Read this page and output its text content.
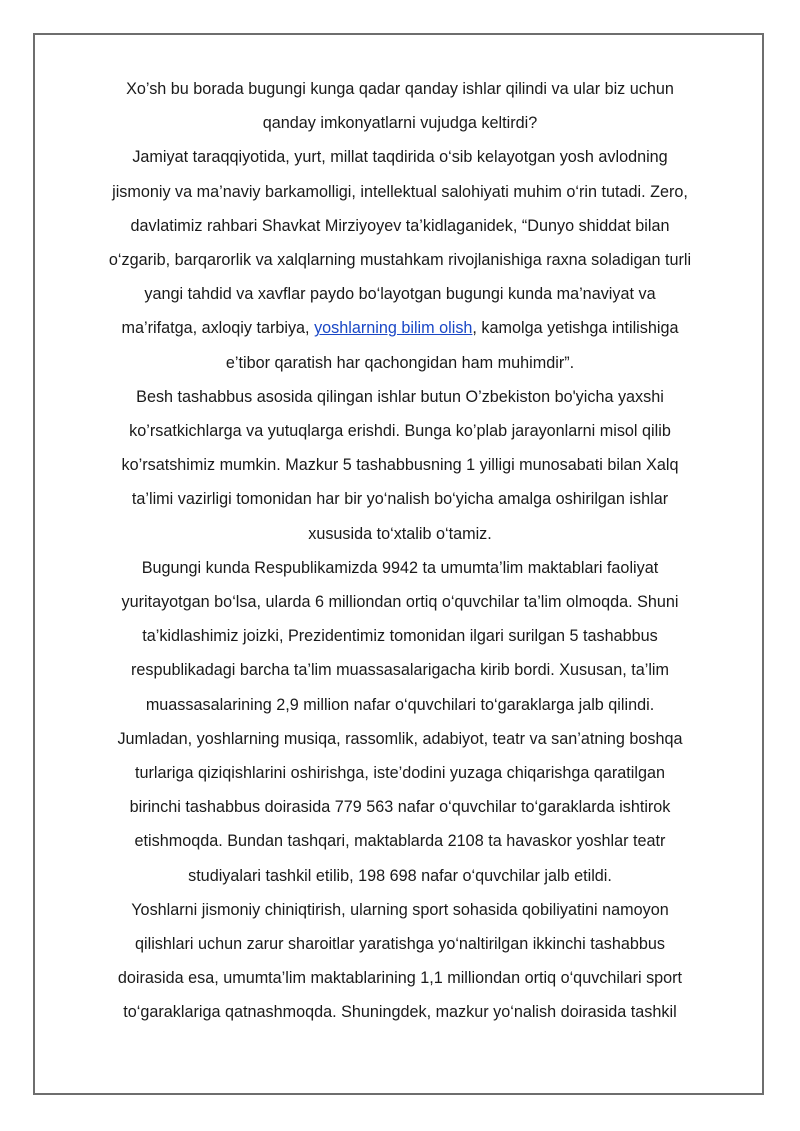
Xo’sh bu borada bugungi kunga qadar qanday ishlar qilindi va ular biz uchun qanday imkonyatlarni vujudga keltirdi?

Jamiyat taraqqiyotida, yurt, millat taqdirida o‘sib kelayotgan yosh avlodning jismoniy va ma’naviy barkamolligi, intellektual salohiyati muhim o‘rin tutadi. Zero, davlatimiz rahbari Shavkat Mirziyoyev ta’kidlaganidek, “Dunyo shiddat bilan o‘zgarib, barqarorlik va xalqlarning mustahkam rivojlanishiga raxna soladigan turli yangi tahdid va xavflar paydo bo‘layotgan bugungi kunda ma’naviyat va ma’rifatga, axloqiy tarbiya, yoshlarning bilim olish, kamolga yetishga intilishiga e’tibor qaratish har qachongidan ham muhimdir”.

Besh tashabbus asosida qilingan ishlar butun O’zbekiston bo'yicha yaxshi ko’rsatkichlarga va yutuqlarga erishdi. Bunga ko’plab jarayonlarni misol qilib ko’rsatshimiz mumkin. Mazkur 5 tashabbusning 1 yilligi munosabati bilan Xalq ta’limi vazirligi tomonidan har bir yo‘nalish bo‘yicha amalga oshirilgan ishlar xususida to‘xtalib o‘tamiz.

Bugungi kunda Respublikamizda 9942 ta umumta’lim maktablari faoliyat yuritayotgan bo‘lsa, ularda 6 milliondan ortiq o‘quvchilar ta’lim olmoqda. Shuni ta’kidlashimiz joizki, Prezidentimiz tomonidan ilgari surilgan 5 tashabbus respublikadagi barcha ta’lim muassasalarigacha kirib bordi. Xususan, ta’lim muassasalarining 2,9 million nafar o‘quvchilari to‘garaklarga jalb qilindi. Jumladan, yoshlarning musiqa, rassomlik, adabiyot, teatr va san’atning boshqa turlariga qiziqishlarini oshirishga, iste’dodini yuzaga chiqarishga qaratilgan birinchi tashabbus doirasida 779 563 nafar o‘quvchilar to‘garaklarda ishtirok etishmoqda. Bundan tashqari, maktablarda 2108 ta havaskor yoshlar teatr studiyalari tashkil etilib, 198 698 nafar o‘quvchilar jalb etildi.

Yoshlarni jismoniy chiniqtirish, ularning sport sohasida qobiliyatini namoyon qilishlari uchun zarur sharoitlar yaratishga yo‘naltirilgan ikkinchi tashabbus doirasida esa, umumta’lim maktablarining 1,1 milliondan ortiq o‘quvchilari sport to‘garaklariga qatnashmoqda. Shuningdek, mazkur yo‘nalish doirasida tashkil
